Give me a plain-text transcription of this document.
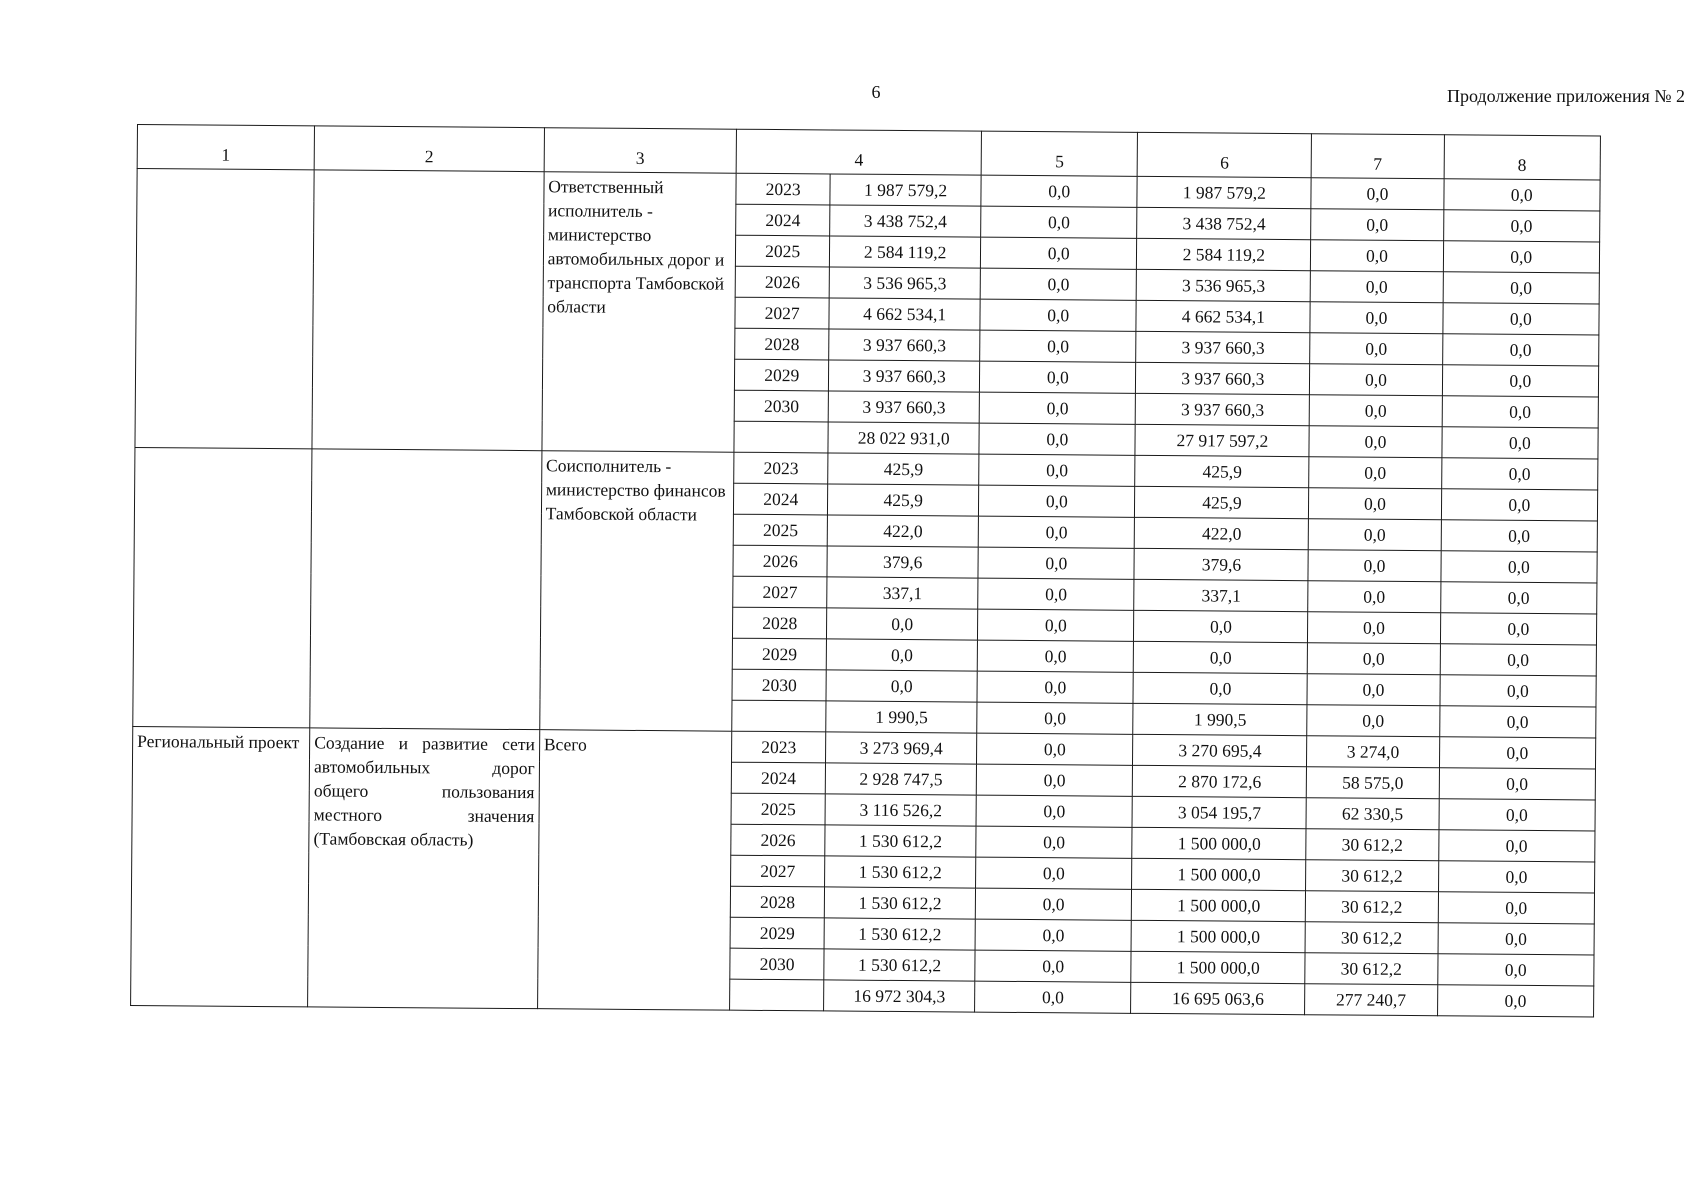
6	Продолжение приложения № 2
1	2	3	4		5	6	7	8
		Ответственный исполнитель - министерство автомобильных дорог и транспорта Тамбовской области	2023	1 987 579,2	0,0	1 987 579,2	0,0	0,0
			2024	3 438 752,4	0,0	3 438 752,4	0,0	0,0
			2025	2 584 119,2	0,0	2 584 119,2	0,0	0,0
			2026	3 536 965,3	0,0	3 536 965,3	0,0	0,0
			2027	4 662 534,1	0,0	4 662 534,1	0,0	0,0
			2028	3 937 660,3	0,0	3 937 660,3	0,0	0,0
			2029	3 937 660,3	0,0	3 937 660,3	0,0	0,0
			2030	3 937 660,3	0,0	3 937 660,3	0,0	0,0
				28 022 931,0	0,0	27 917 597,2	0,0	0,0
		Соисполнитель - министерство финансов Тамбовской области	2023	425,9	0,0	425,9	0,0	0,0
			2024	425,9	0,0	425,9	0,0	0,0
			2025	422,0	0,0	422,0	0,0	0,0
			2026	379,6	0,0	379,6	0,0	0,0
			2027	337,1	0,0	337,1	0,0	0,0
			2028	0,0	0,0	0,0	0,0	0,0
			2029	0,0	0,0	0,0	0,0	0,0
			2030	0,0	0,0	0,0	0,0	0,0
				1 990,5	0,0	1 990,5	0,0	0,0
Региональный проект	Создание и развитие сети автомобильных дорог общего пользования местного значения (Тамбовская область)	Всего	2023	3 273 969,4	0,0	3 270 695,4	3 274,0	0,0
			2024	2 928 747,5	0,0	2 870 172,6	58 575,0	0,0
			2025	3 116 526,2	0,0	3 054 195,7	62 330,5	0,0
			2026	1 530 612,2	0,0	1 500 000,0	30 612,2	0,0
			2027	1 530 612,2	0,0	1 500 000,0	30 612,2	0,0
			2028	1 530 612,2	0,0	1 500 000,0	30 612,2	0,0
			2029	1 530 612,2	0,0	1 500 000,0	30 612,2	0,0
			2030	1 530 612,2	0,0	1 500 000,0	30 612,2	0,0
				16 972 304,3	0,0	16 695 063,6	277 240,7	0,0
